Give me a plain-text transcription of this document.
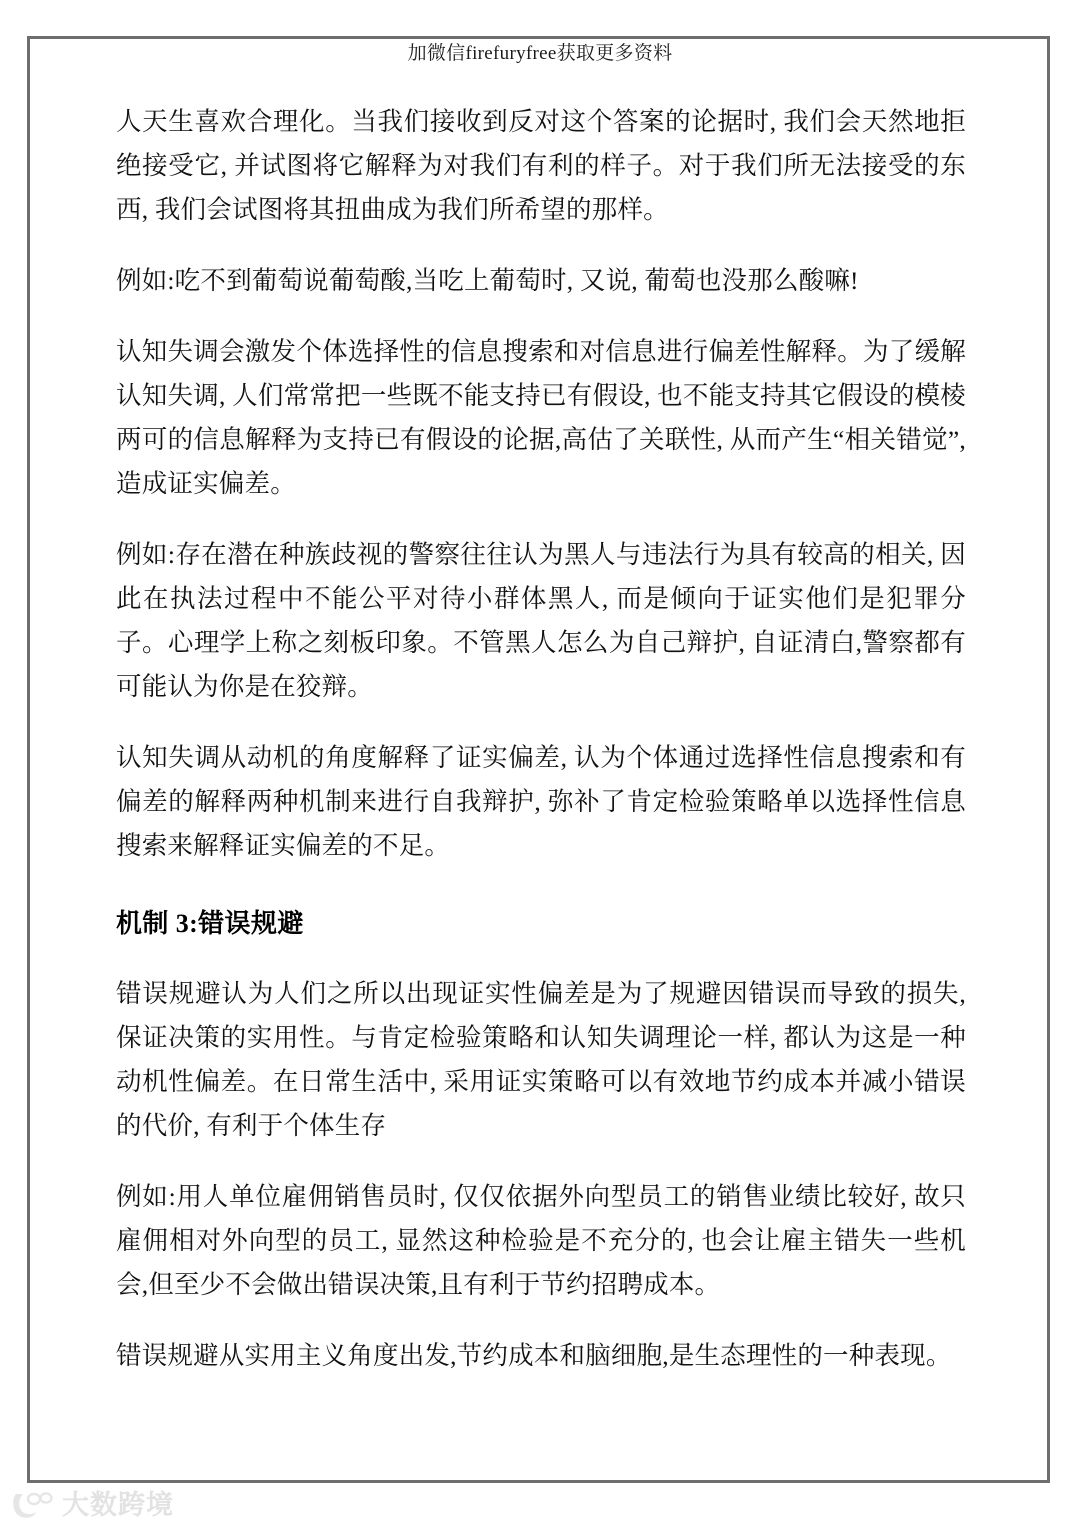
加微信firefuryfree获取更多资料

人天生喜欢合理化。当我们接收到反对这个答案的论据时, 我们会天然地拒绝接受它, 并试图将它解释为对我们有利的样子。对于我们所无法接受的东西, 我们会试图将其扭曲成为我们所希望的那样。

例如:吃不到葡萄说葡萄酸,当吃上葡萄时, 又说, 葡萄也没那么酸嘛!

认知失调会激发个体选择性的信息搜索和对信息进行偏差性解释。为了缓解认知失调, 人们常常把一些既不能支持已有假设, 也不能支持其它假设的模棱两可的信息解释为支持已有假设的论据,高估了关联性, 从而产生“相关错觉”, 造成证实偏差。

例如:存在潜在种族歧视的警察往往认为黑人与违法行为具有较高的相关, 因此在执法过程中不能公平对待小群体黑人, 而是倾向于证实他们是犯罪分子。心理学上称之刻板印象。不管黑人怎么为自己辩护, 自证清白,警察都有可能认为你是在狡辩。

认知失调从动机的角度解释了证实偏差, 认为个体通过选择性信息搜索和有偏差的解释两种机制来进行自我辩护, 弥补了肯定检验策略单以选择性信息搜索来解释证实偏差的不足。

机制 3:错误规避

错误规避认为人们之所以出现证实性偏差是为了规避因错误而导致的损失, 保证决策的实用性。与肯定检验策略和认知失调理论一样, 都认为这是一种动机性偏差。在日常生活中, 采用证实策略可以有效地节约成本并减小错误的代价, 有利于个体生存

例如:用人单位雇佣销售员时, 仅仅依据外向型员工的销售业绩比较好, 故只雇佣相对外向型的员工, 显然这种检验是不充分的, 也会让雇主错失一些机会,但至少不会做出错误决策,且有利于节约招聘成本。

错误规避从实用主义角度出发,节约成本和脑细胞,是生态理性的一种表现。

大数跨境
